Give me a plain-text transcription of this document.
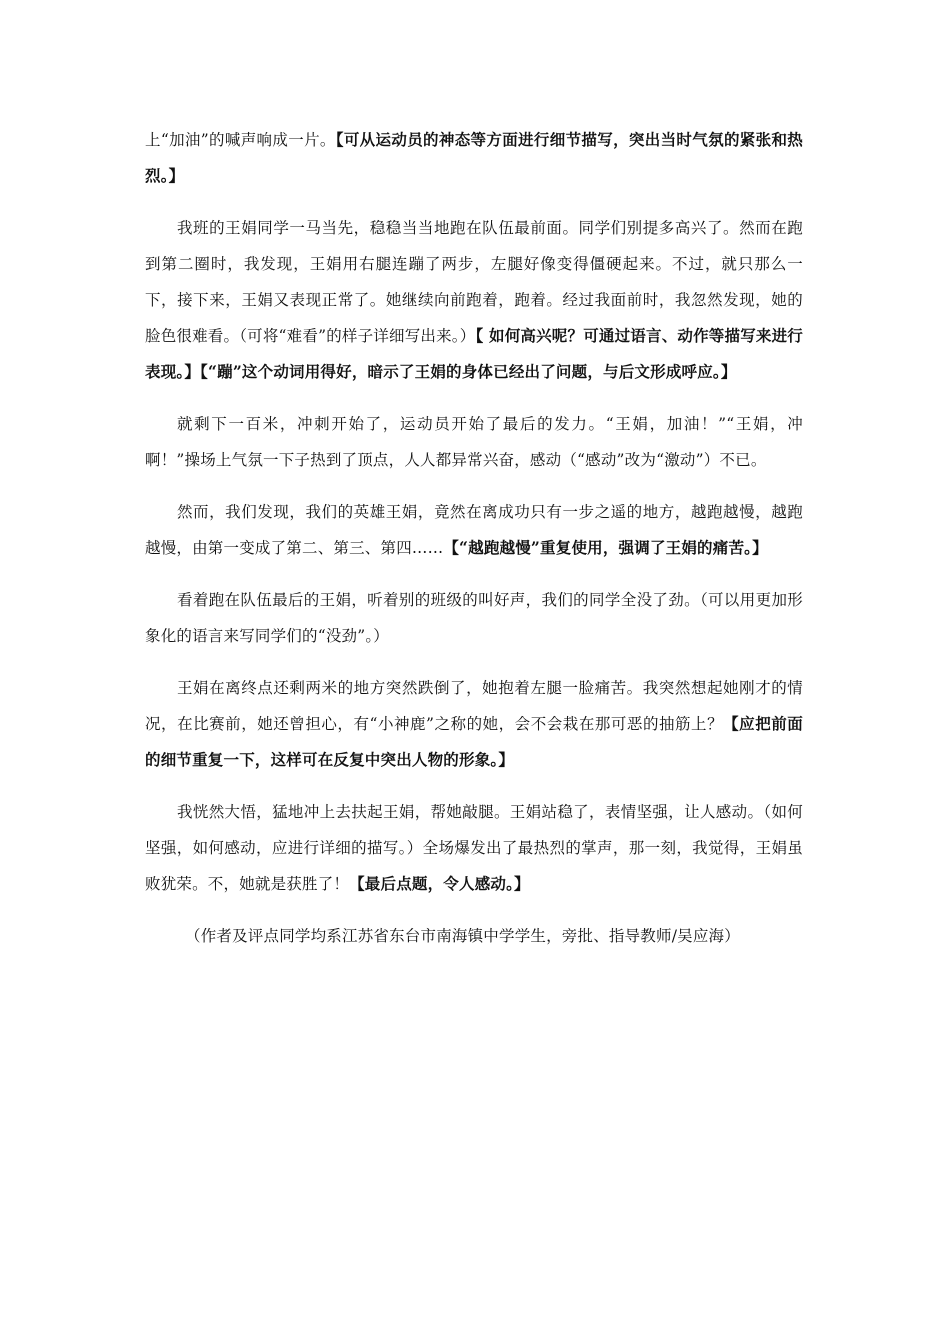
上“加油”的喊声响成一片。【可从运动员的神态等方面进行细节描写，突出当时气氛的紧张和热烈。】

我班的王娟同学一马当先，稳稳当当地跑在队伍最前面。同学们别提多高兴了。然而在跑到第二圈时，我发现，王娟用右腿连蹦了两步，左腿好像变得僵硬起来。不过，就只那么一下，接下来，王娟又表现正常了。她继续向前跑着，跑着。经过我面前时，我忽然发现，她的脸色很难看。（可将“难看”的样子详细写出来。）【 如何高兴呢？可通过语言、动作等描写来进行表现。】【“蹦”这个动词用得好，暗示了王娟的身体已经出了问题，与后文形成呼应。】

就剩下一百米，冲刺开始了，运动员开始了最后的发力。“王娟，加油！”“王娟，冲啊！”操场上气氛一下子热到了顶点，人人都异常兴奋，感动（“感动”改为“激动”）不已。

然而，我们发现，我们的英雄王娟，竟然在离成功只有一步之遥的地方，越跑越慢，越跑越慢，由第一变成了第二、第三、第四……【“越跑越慢”重复使用，强调了王娟的痛苦。】

看着跑在队伍最后的王娟，听着别的班级的叫好声，我们的同学全没了劲。（可以用更加形象化的语言来写同学们的“没劲”。）

王娟在离终点还剩两米的地方突然跌倒了，她抱着左腿一脸痛苦。我突然想起她刚才的情况，在比赛前，她还曾担心，有“小神鹿”之称的她，会不会栽在那可恶的抽筋上？【应把前面的细节重复一下，这样可在反复中突出人物的形象。】

我恍然大悟，猛地冲上去扶起王娟，帮她敲腿。王娟站稳了，表情坚强，让人感动。（如何坚强，如何感动，应进行详细的描写。）全场爆发出了最热烈的掌声，那一刻，我觉得，王娟虽败犹荣。不，她就是获胜了！【最后点题，令人感动。】

（作者及评点同学均系江苏省东台市南海镇中学学生，旁批、指导教师/吴应海）
